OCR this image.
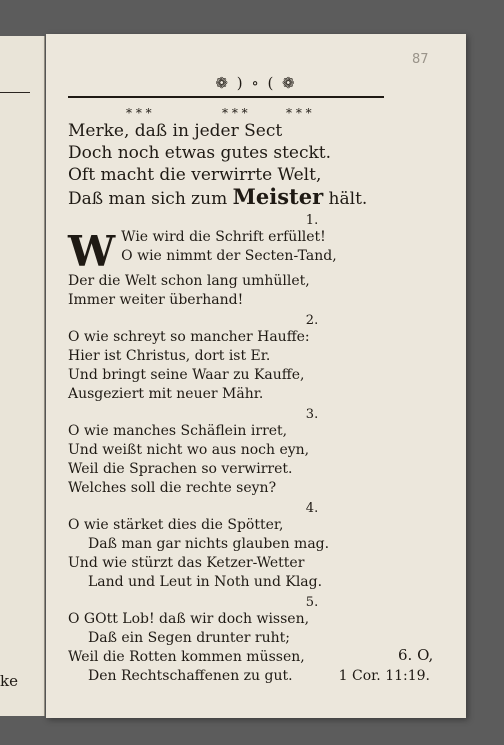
ke
87
❁ ) ∘ ( ❁
* * *	* * *	* * *
Merke, daß in jeder Sect
Doch noch etwas gutes steckt.
Oft macht die verwirrte Welt,
Daß man sich zum Meister hält.
1.
W Wie wird die Schrift erfüllet!
O wie nimmt der Secten-Tand,
Der die Welt schon lang umhüllet,
Immer weiter überhand!
2.
O wie schreyt so mancher Hauffe:
Hier ist Christus, dort ist Er.
Und bringt seine Waar zu Kauffe,
Ausgeziert mit neuer Mähr.
3.
O wie manches Schäflein irret,
Und weißt nicht wo aus noch eyn,
Weil die Sprachen so verwirret.
Welches soll die rechte seyn?
4.
O wie stärket dies die Spötter,
Daß man gar nichts glauben mag.
Und wie stürzt das Ketzer-Wetter
Land und Leut in Noth und Klag.
5.
O GOtt Lob! daß wir doch wissen,
Daß ein Segen drunter ruht;
Weil die Rotten kommen müssen,
Den Rechtschaffenen zu gut.	1 Cor. 11:19.
6. O,
